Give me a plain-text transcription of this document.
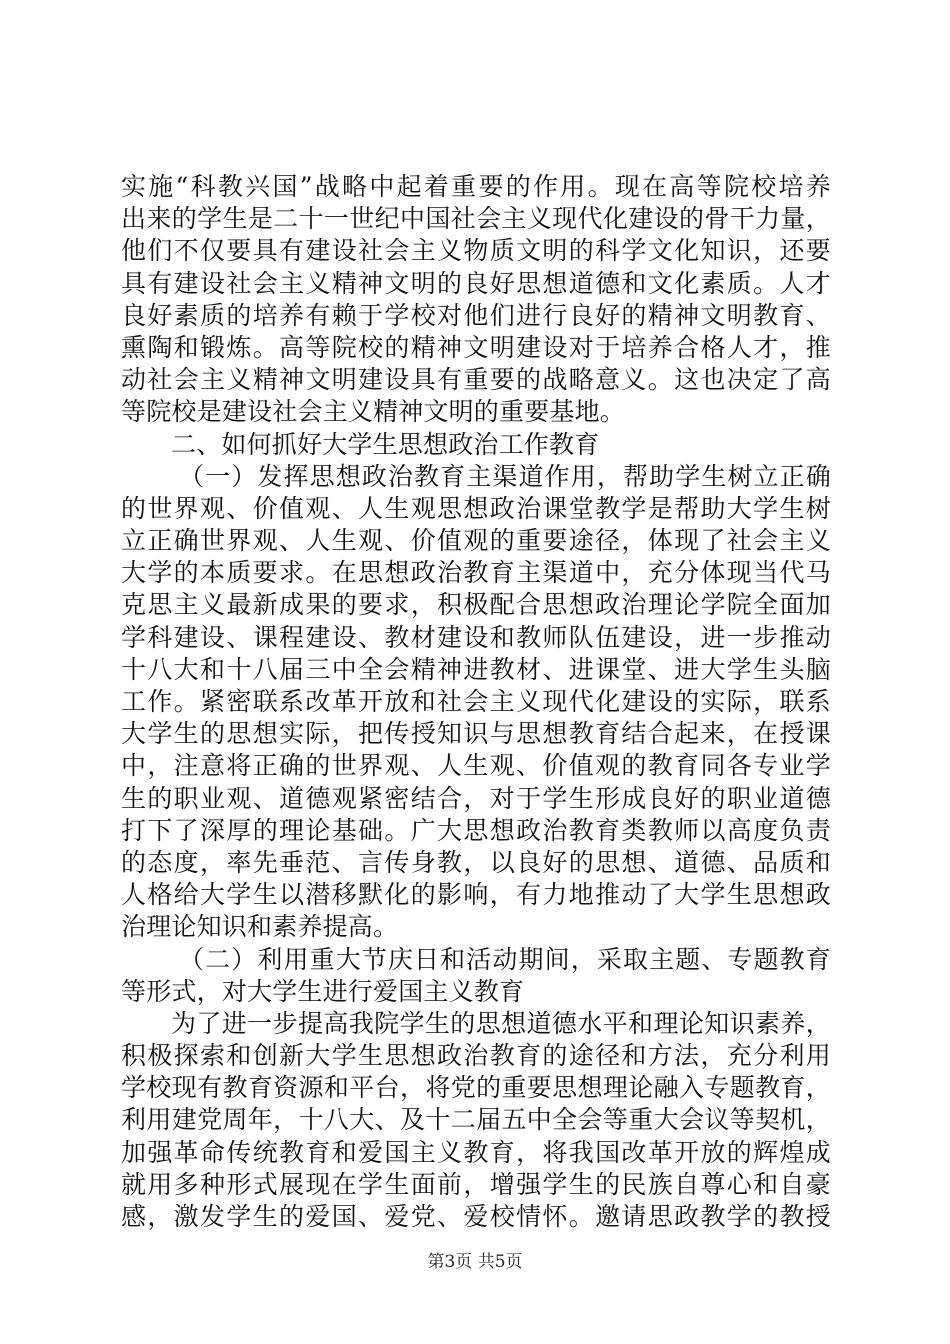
实施“科教兴国”战略中起着重要的作用。现在高等院校培养
出来的学生是二十一世纪中国社会主义现代化建设的骨干力量，
他们不仅要具有建设社会主义物质文明的科学文化知识，还要
具有建设社会主义精神文明的良好思想道德和文化素质。人才
良好素质的培养有赖于学校对他们进行良好的精神文明教育、
熏陶和锻炼。高等院校的精神文明建设对于培养合格人才，推
动社会主义精神文明建设具有重要的战略意义。这也决定了高
等院校是建设社会主义精神文明的重要基地。
二、如何抓好大学生思想政治工作教育
（一）发挥思想政治教育主渠道作用，帮助学生树立正确
的世界观、价值观、人生观思想政治课堂教学是帮助大学生树
立正确世界观、人生观、价值观的重要途径，体现了社会主义
大学的本质要求。在思想政治教育主渠道中，充分体现当代马
克思主义最新成果的要求，积极配合思想政治理论学院全面加
学科建设、课程建设、教材建设和教师队伍建设，进一步推动
十八大和十八届三中全会精神进教材、进课堂、进大学生头脑
工作。紧密联系改革开放和社会主义现代化建设的实际，联系
大学生的思想实际，把传授知识与思想教育结合起来，在授课
中，注意将正确的世界观、人生观、价值观的教育同各专业学
生的职业观、道德观紧密结合，对于学生形成良好的职业道德
打下了深厚的理论基础。广大思想政治教育类教师以高度负责
的态度，率先垂范、言传身教，以良好的思想、道德、品质和
人格给大学生以潜移默化的影响，有力地推动了大学生思想政
治理论知识和素养提高。
（二）利用重大节庆日和活动期间，采取主题、专题教育
等形式，对大学生进行爱国主义教育
为了进一步提高我院学生的思想道德水平和理论知识素养，
积极探索和创新大学生思想政治教育的途径和方法，充分利用
学校现有教育资源和平台，将党的重要思想理论融入专题教育，
利用建党周年，十八大、及十二届五中全会等重大会议等契机，
加强革命传统教育和爱国主义教育，将我国改革开放的辉煌成
就用多种形式展现在学生面前，增强学生的民族自尊心和自豪
感，激发学生的爱国、爱党、爱校情怀。邀请思政教学的教授
第3页 共5页
